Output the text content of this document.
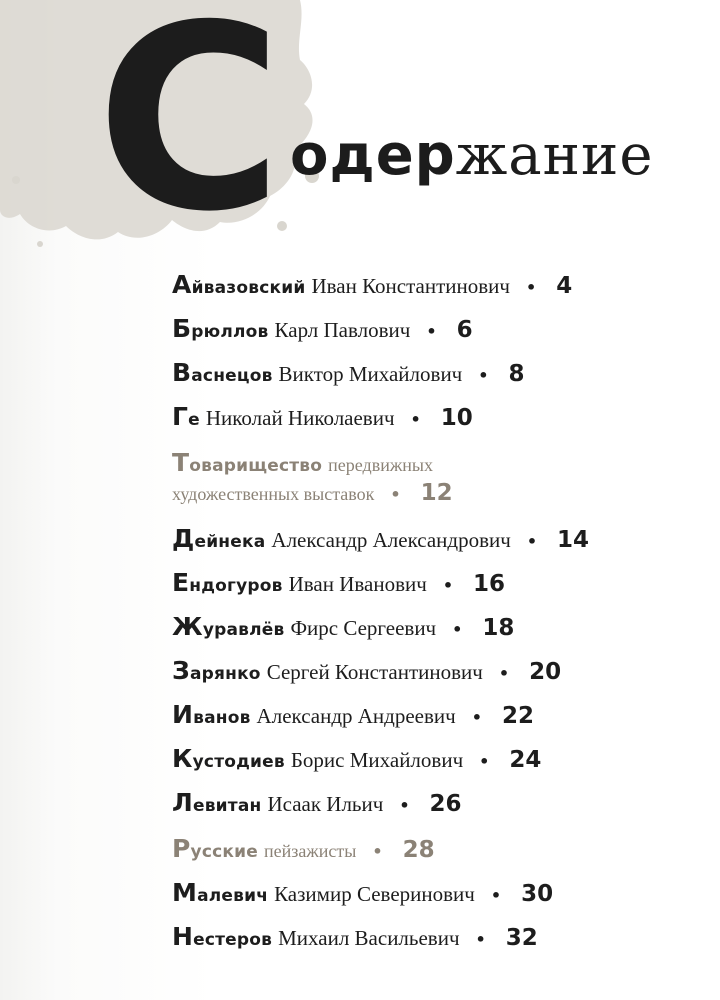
С одержание
Айвазовский Иван Константинович • 4
Брюллов Карл Павлович • 6
Васнецов Виктор Михайлович • 8
Ге Николай Николаевич • 10
Товарищество передвижных
художественных выставок • 12
Дейнека Александр Александрович • 14
Ендогуров Иван Иванович • 16
Журавлёв Фирс Сергеевич • 18
Зарянко Сергей Константинович • 20
Иванов Александр Андреевич • 22
Кустодиев Борис Михайлович • 24
Левитан Исаак Ильич • 26
Русские пейзажисты • 28
Малевич Казимир Северинович • 30
Нестеров Михаил Васильевич • 32
